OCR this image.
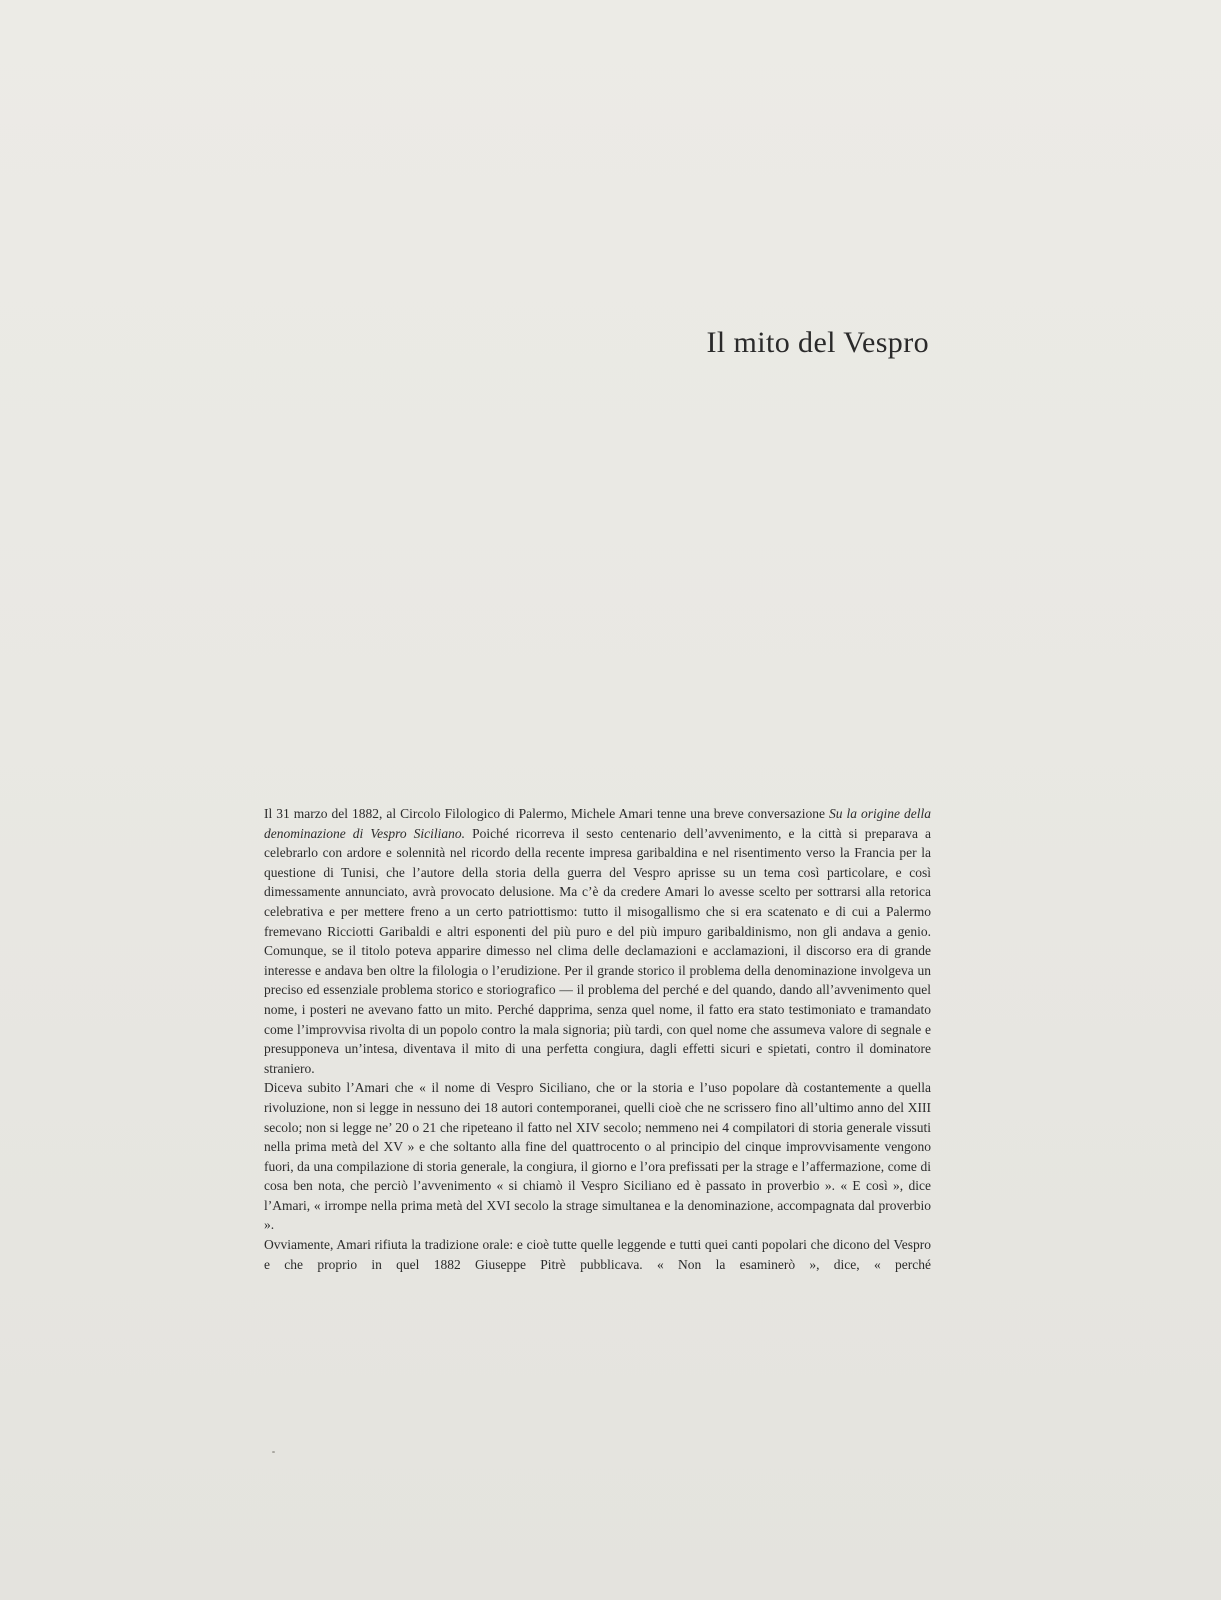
Il mito del Vespro

Il 31 marzo del 1882, al Circolo Filologico di Palermo, Michele Amari tenne una breve conversazione Su la origine della denominazione di Vespro Siciliano. Poiché ricorreva il sesto centenario dell’avvenimento, e la città si preparava a celebrarlo con ardore e solennità nel ricordo della recente impresa garibaldina e nel risentimento verso la Francia per la questione di Tunisi, che l’autore della storia della guerra del Vespro aprisse su un tema così particolare, e così dimessamente annunciato, avrà provocato delusione. Ma c’è da credere Amari lo avesse scelto per sottrarsi alla retorica celebrativa e per mettere freno a un certo patriottismo: tutto il misogallismo che si era scatenato e di cui a Palermo fremevano Ricciotti Garibaldi e altri esponenti del più puro e del più impuro garibaldinismo, non gli andava a genio. Comunque, se il titolo poteva apparire dimesso nel clima delle declamazioni e acclamazioni, il discorso era di grande interesse e andava ben oltre la filologia o l’erudizione. Per il grande storico il problema della denominazione involgeva un preciso ed essenziale problema storico e storiografico — il problema del perché e del quando, dando all’avvenimento quel nome, i posteri ne avevano fatto un mito. Perché dapprima, senza quel nome, il fatto era stato testimoniato e tramandato come l’improvvisa rivolta di un popolo contro la mala signoria; più tardi, con quel nome che assumeva valore di segnale e presupponeva un’intesa, diventava il mito di una perfetta congiura, dagli effetti sicuri e spietati, contro il dominatore straniero.

Diceva subito l’Amari che « il nome di Vespro Siciliano, che or la storia e l’uso popolare dà costantemente a quella rivoluzione, non si legge in nessuno dei 18 autori contemporanei, quelli cioè che ne scrissero fino all’ultimo anno del XIII secolo; non si legge ne’ 20 o 21 che ripeteano il fatto nel XIV secolo; nemmeno nei 4 compilatori di storia generale vissuti nella prima metà del XV » e che soltanto alla fine del quattrocento o al principio del cinque improvvisamente vengono fuori, da una compilazione di storia generale, la congiura, il giorno e l’ora prefissati per la strage e l’affermazione, come di cosa ben nota, che perciò l’avvenimento « si chiamò il Vespro Siciliano ed è passato in proverbio ». « E così », dice l’Amari, « irrompe nella prima metà del XVI secolo la strage simultanea e la denominazione, accompagnata dal proverbio ».

Ovviamente, Amari rifiuta la tradizione orale: e cioè tutte quelle leggende e tutti quei canti popolari che dicono del Vespro e che proprio in quel 1882 Giuseppe Pitrè pubblicava. « Non la esaminerò », dice, « perché
